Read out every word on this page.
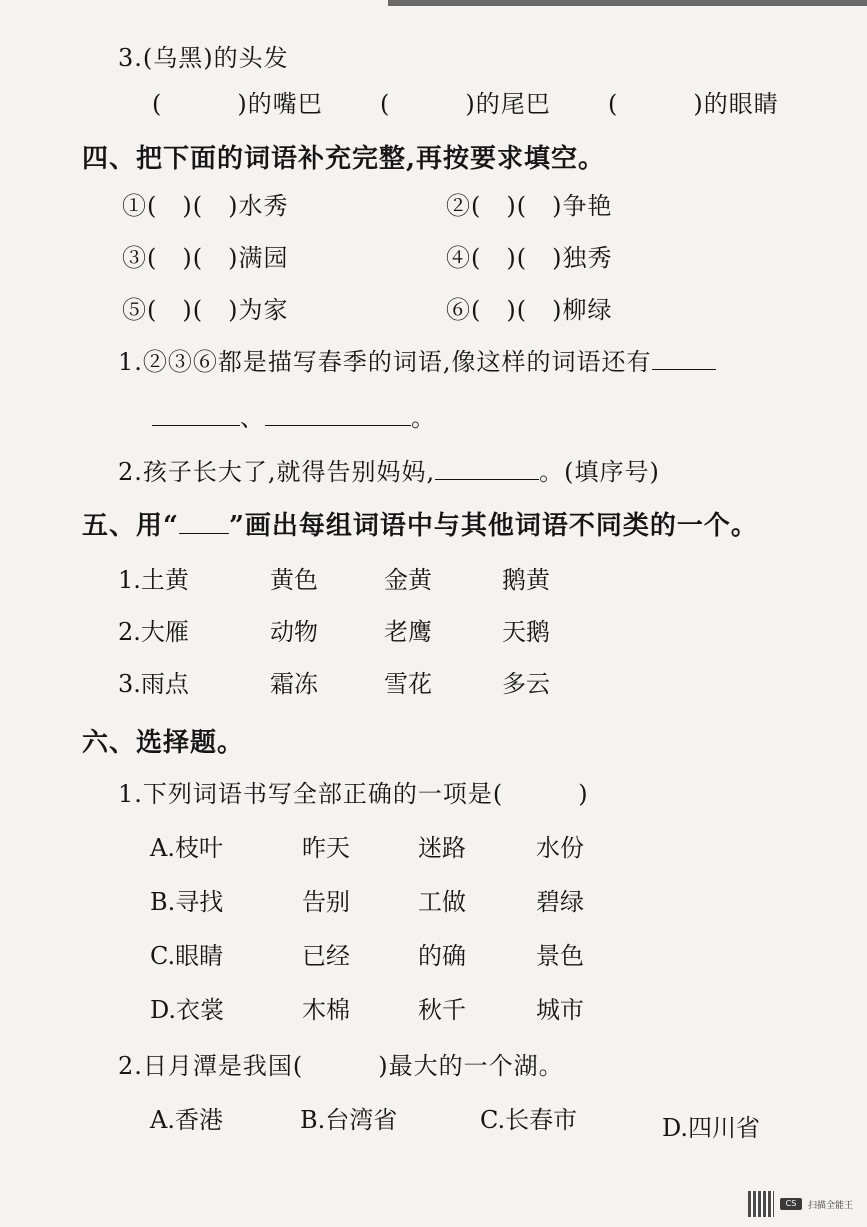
3.(乌黑)的头发
(　　　)的嘴巴 (　　　)的尾巴 (　　　)的眼睛
四、把下面的词语补充完整,再按要求填空。
①(　)(　)水秀	②(　)(　)争艳
③(　)(　)满园	④(　)(　)独秀
⑤(　)(　)为家	⑥(　)(　)柳绿
1.②③⑥都是描写春季的词语,像这样的词语还有
、	。
2.孩子长大了,就得告别妈妈,	。(填序号)
五、用“ ”画出每组词语中与其他词语不同类的一个。
1.土黄	黄色	金黄	鹅黄
2.大雁	动物	老鹰	天鹅
3.雨点	霜冻	雪花	多云
六、选择题。
1.下列词语书写全部正确的一项是(　　　)
A.枝叶	昨天	迷路	水份
B.寻找	告别	工做	碧绿
C.眼睛	已经	的确	景色
D.衣裳	木棉	秋千	城市
2.日月潭是我国(　　　)最大的一个湖。
A.香港	B.台湾省	C.长春市	D.四川省
CS	扫描全能王
